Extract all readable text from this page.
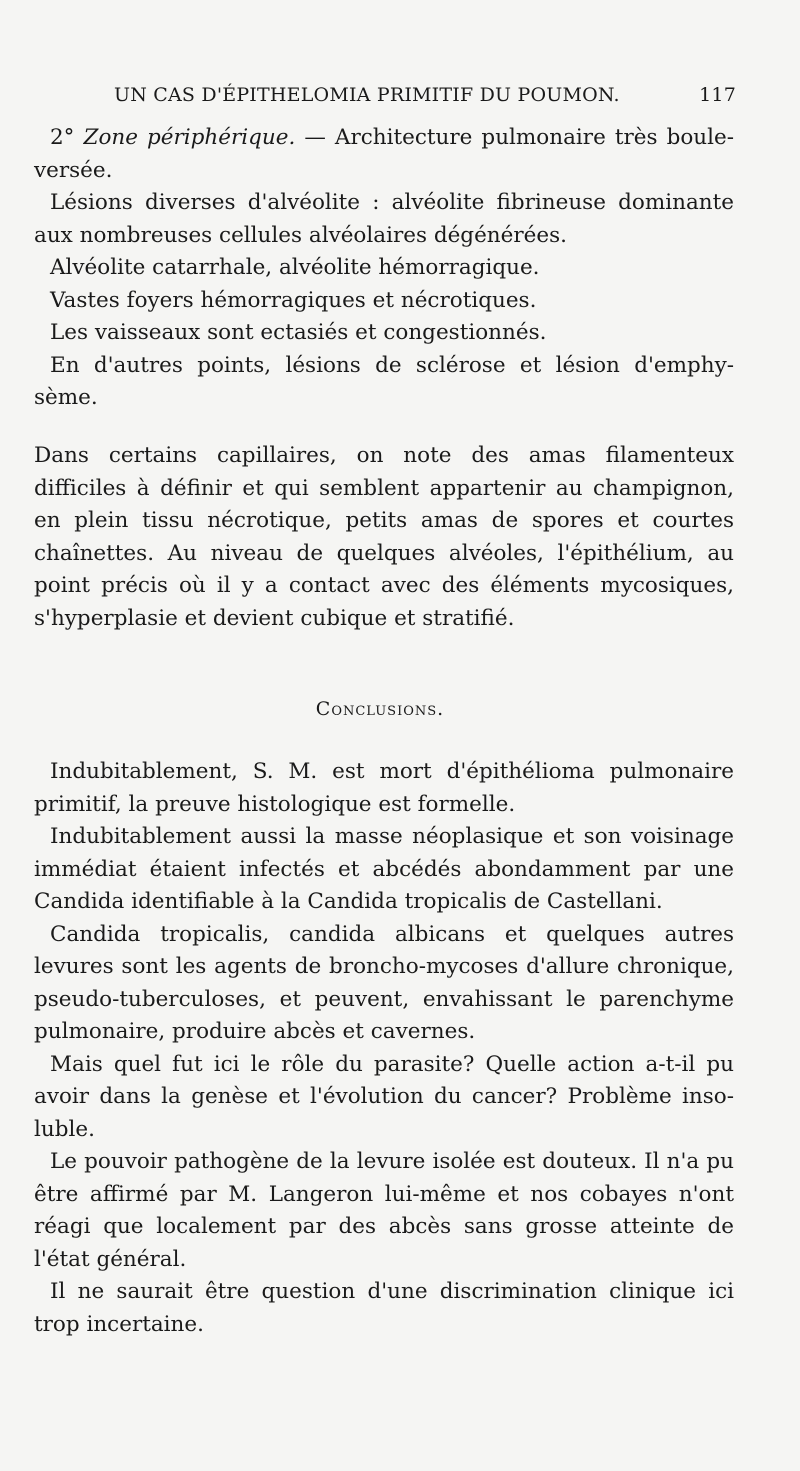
UN CAS D'ÉPITHELOMIA PRIMITIF DU POUMON.	117

2° Zone périphérique. — Architecture pulmonaire très boule-versée.

Lésions diverses d'alvéolite : alvéolite fibrineuse dominante aux nombreuses cellules alvéolaires dégénérées.

Alvéolite catarrhale, alvéolite hémorragique.

Vastes foyers hémorragiques et nécrotiques.

Les vaisseaux sont ectasiés et congestionnés.

En d'autres points, lésions de sclérose et lésion d'emphy-sème.

Dans certains capillaires, on note des amas filamenteux difficiles à définir et qui semblent appartenir au champignon, en plein tissu nécrotique, petits amas de spores et courtes chaînettes. Au niveau de quelques alvéoles, l'épithélium, au point précis où il y a contact avec des éléments mycosiques, s'hyperplasie et devient cubique et stratifié.

Conclusions.

Indubitablement, S. M. est mort d'épithélioma pulmonaire primitif, la preuve histologique est formelle.

Indubitablement aussi la masse néoplasique et son voisinage immédiat étaient infectés et abcédés abondamment par une Candida identifiable à la Candida tropicalis de Castellani.

Candida tropicalis, candida albicans et quelques autres levures sont les agents de broncho-mycoses d'allure chronique, pseudo-tuberculoses, et peuvent, envahissant le parenchyme pulmonaire, produire abcès et cavernes.

Mais quel fut ici le rôle du parasite? Quelle action a-t-il pu avoir dans la genèse et l'évolution du cancer? Problème inso-luble.

Le pouvoir pathogène de la levure isolée est douteux. Il n'a pu être affirmé par M. Langeron lui-même et nos cobayes n'ont réagi que localement par des abcès sans grosse atteinte de l'état général.

Il ne saurait être question d'une discrimination clinique ici trop incertaine.
